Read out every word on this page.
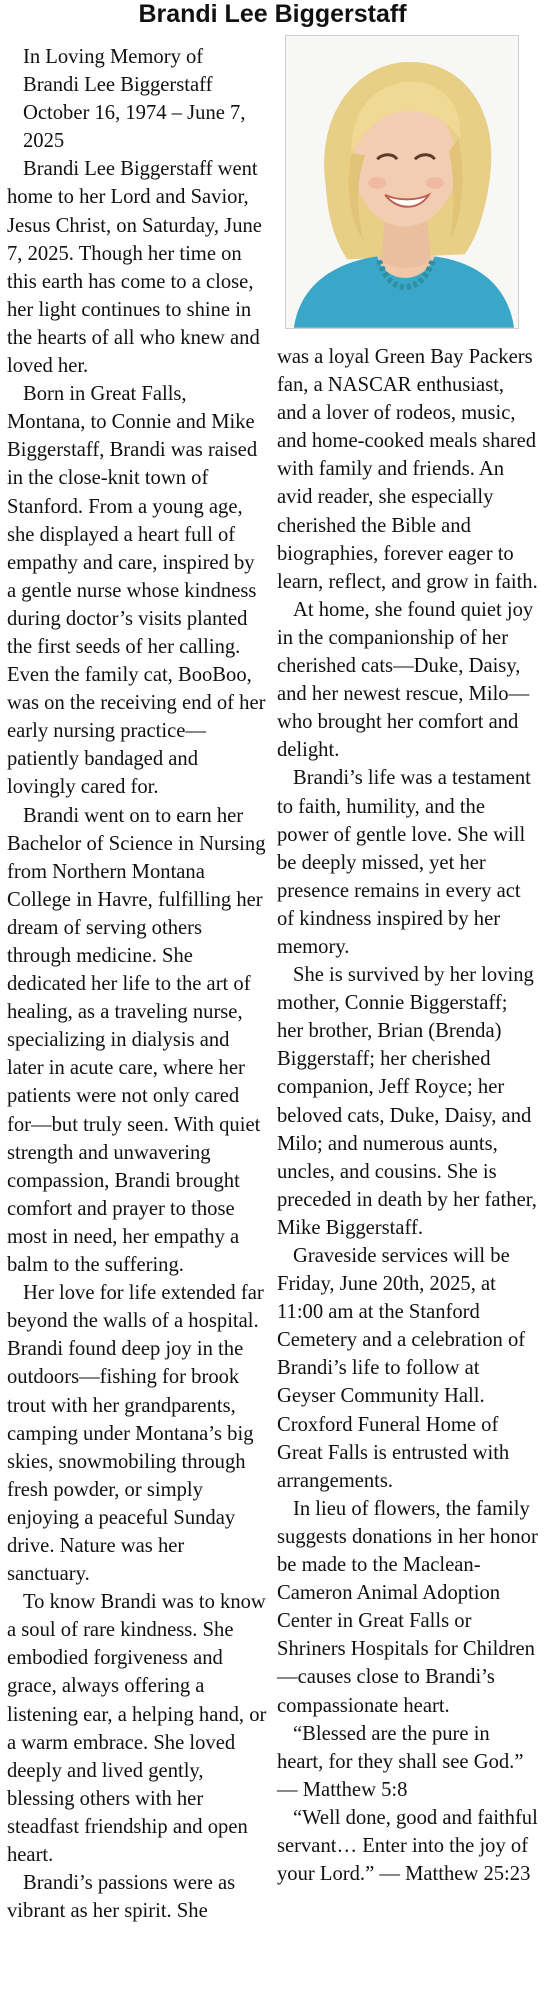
Brandi Lee Biggerstaff

In Loving Memory of
Brandi Lee Biggerstaff
October 16, 1974 – June 7, 2025

Brandi Lee Biggerstaff went home to her Lord and Savior, Jesus Christ, on Saturday, June 7, 2025. Though her time on this earth has come to a close, her light continues to shine in the hearts of all who knew and loved her.

Born in Great Falls, Montana, to Connie and Mike Biggerstaff, Brandi was raised in the close-knit town of Stanford. From a young age, she displayed a heart full of empathy and care, inspired by a gentle nurse whose kindness during doctor’s visits planted the first seeds of her calling. Even the family cat, BooBoo, was on the receiving end of her early nursing practice—patiently bandaged and lovingly cared for.

Brandi went on to earn her Bachelor of Science in Nursing from Northern Montana College in Havre, fulfilling her dream of serving others through medicine. She dedicated her life to the art of healing, as a traveling nurse, specializing in dialysis and later in acute care, where her patients were not only cared for—but truly seen. With quiet strength and unwavering compassion, Brandi brought comfort and prayer to those most in need, her empathy a balm to the suffering.

Her love for life extended far beyond the walls of a hospital. Brandi found deep joy in the outdoors—fishing for brook trout with her grandparents, camping under Montana’s big skies, snowmobiling through fresh powder, or simply enjoying a peaceful Sunday drive. Nature was her sanctuary.

To know Brandi was to know a soul of rare kindness. She embodied forgiveness and grace, always offering a listening ear, a helping hand, or a warm embrace. She loved deeply and lived gently, blessing others with her steadfast friendship and open heart.

Brandi’s passions were as vibrant as her spirit. She

was a loyal Green Bay Packers fan, a NASCAR enthusiast, and a lover of rodeos, music, and home-cooked meals shared with family and friends. An avid reader, she especially cherished the Bible and biographies, forever eager to learn, reflect, and grow in faith.

At home, she found quiet joy in the companionship of her cherished cats—Duke, Daisy, and her newest rescue, Milo—who brought her comfort and delight.

Brandi’s life was a testament to faith, humility, and the power of gentle love. She will be deeply missed, yet her presence remains in every act of kindness inspired by her memory.

She is survived by her loving mother, Connie Biggerstaff; her brother, Brian (Brenda) Biggerstaff; her cherished companion, Jeff Royce; her beloved cats, Duke, Daisy, and Milo; and numerous aunts, uncles, and cousins. She is preceded in death by her father, Mike Biggerstaff.

Graveside services will be Friday, June 20th, 2025, at 11:00 am at the Stanford Cemetery and a celebration of Brandi’s life to follow at Geyser Community Hall. Croxford Funeral Home of Great Falls is entrusted with arrangements.

In lieu of flowers, the family suggests donations in her honor be made to the Maclean-Cameron Animal Adoption Center in Great Falls or Shriners Hospitals for Children—causes close to Brandi’s compassionate heart.

“Blessed are the pure in heart, for they shall see God.” — Matthew 5:8

“Well done, good and faithful servant… Enter into the joy of your Lord.” — Matthew 25:23
